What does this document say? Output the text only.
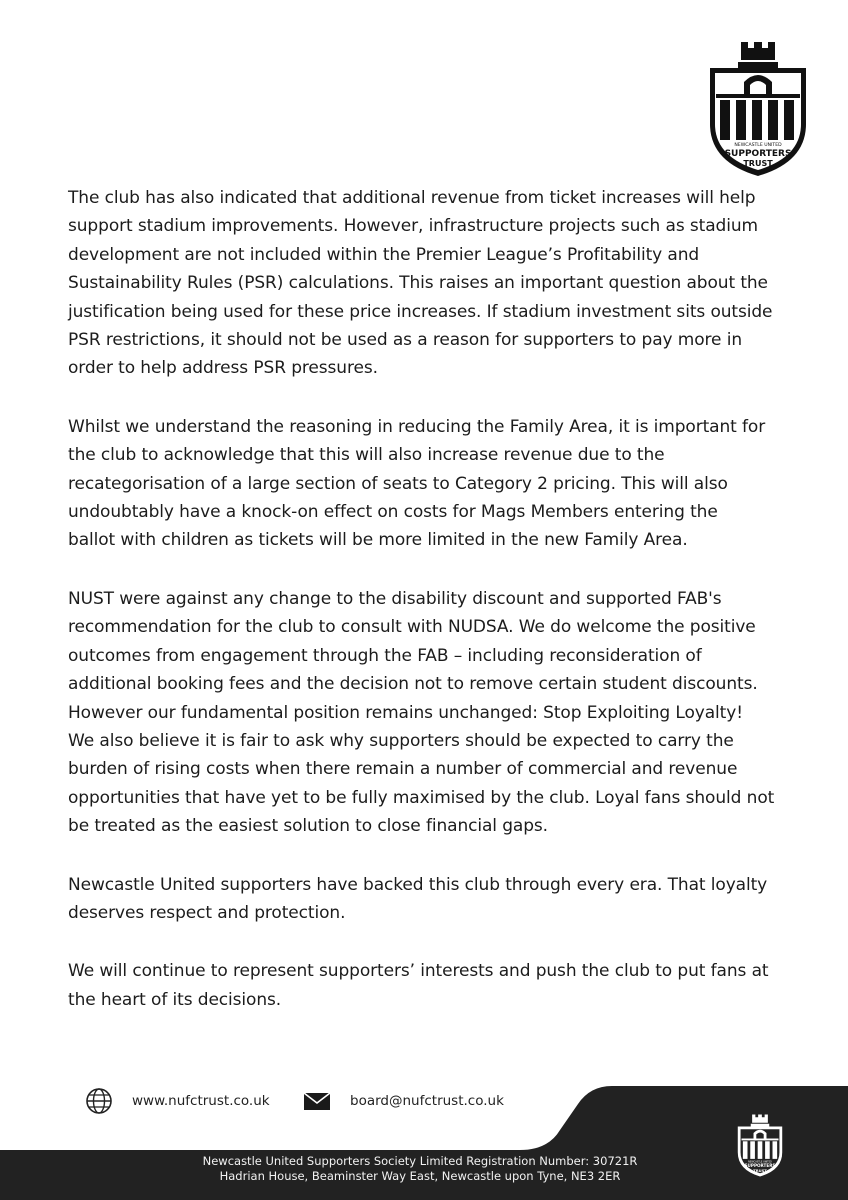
NEWCASTLE UNITED
SUPPORTERS
TRUST

The club has also indicated that additional revenue from ticket increases will help
support stadium improvements. However, infrastructure projects such as stadium
development are not included within the Premier League’s Profitability and
Sustainability Rules (PSR) calculations. This raises an important question about the
justification being used for these price increases. If stadium investment sits outside
PSR restrictions, it should not be used as a reason for supporters to pay more in
order to help address PSR pressures.

Whilst we understand the reasoning in reducing the Family Area, it is important for
the club to acknowledge that this will also increase revenue due to the
recategorisation of a large section of seats to Category 2 pricing. This will also
undoubtably have a knock-on effect on costs for Mags Members entering the
ballot with children as tickets will be more limited in the new Family Area.

NUST were against any change to the disability discount and supported FAB's
recommendation for the club to consult with NUDSA. We do welcome the positive
outcomes from engagement through the FAB – including reconsideration of
additional booking fees and the decision not to remove certain student discounts.
However our fundamental position remains unchanged: Stop Exploiting Loyalty!
We also believe it is fair to ask why supporters should be expected to carry the
burden of rising costs when there remain a number of commercial and revenue
opportunities that have yet to be fully maximised by the club. Loyal fans should not
be treated as the easiest solution to close financial gaps.

Newcastle United supporters have backed this club through every era. That loyalty
deserves respect and protection.

We will continue to represent supporters’ interests and push the club to put fans at
the heart of its decisions.

www.nufctrust.co.uk	board@nufctrust.co.uk
Newcastle United Supporters Society Limited Registration Number: 30721R
Hadrian House, Beaminster Way East, Newcastle upon Tyne, NE3 2ER
NEWCASTLE UNITED
SUPPORTERS
TRUST
